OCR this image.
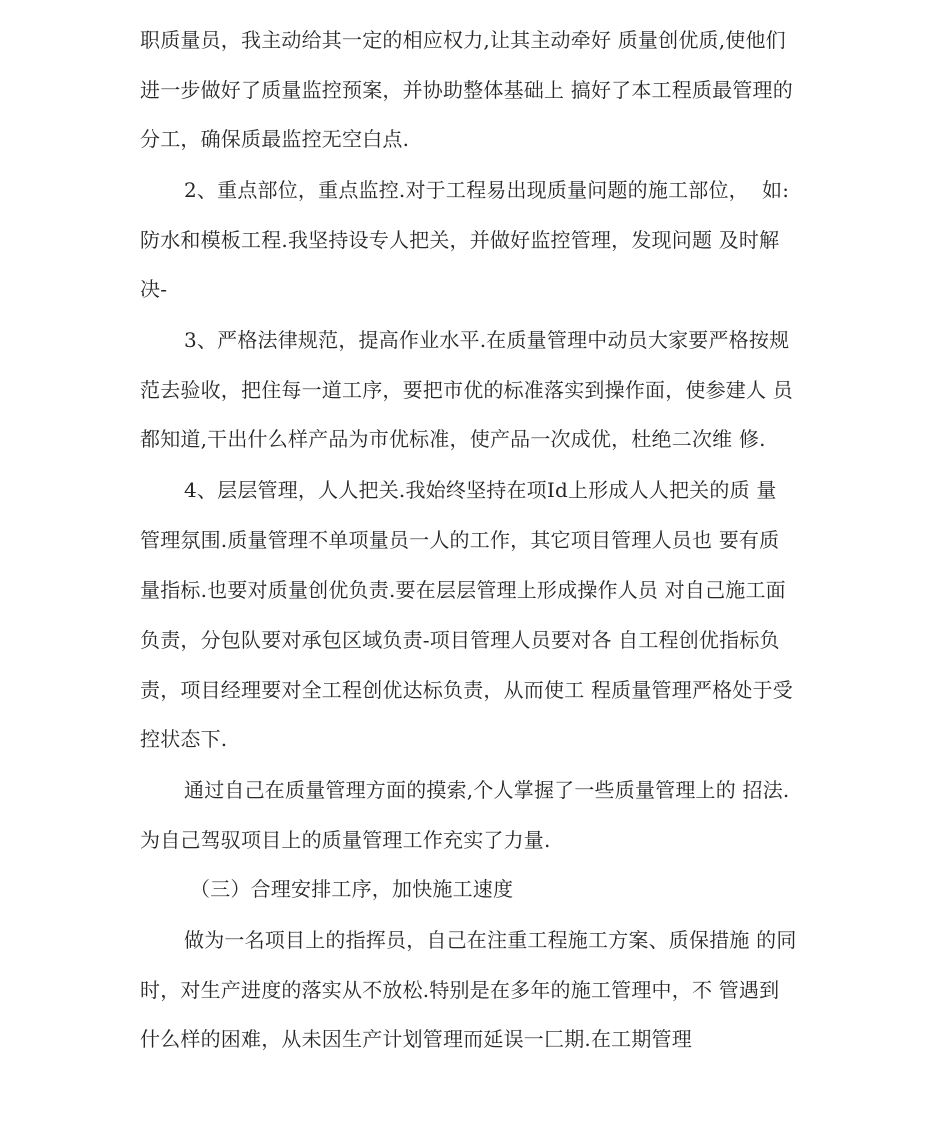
职质量员，我主动给其一定的相应权力,让其主动牵好 质量创优质,使他们
进一步做好了质量监控预案，并协助整体基础上 搞好了本工程质最管理的
分工，确保质最监控无空白点.
2、重点部位，重点监控.对于工程易出现质量问题的施工部位，  如:
防水和模板工程.我坚持设专人把关，并做好监控管理，发现问题 及时解
决-
3、严格法律规范，提高作业水平.在质量管理中动员大家要严格按规
范去验收，把住每一道工序，要把市优的标准落实到操作面，使参建人 员
都知道,干出什么样产品为市优标准，使产品一次成优，杜绝二次维 修.
4、层层管理，人人把关.我始终坚持在项Id上形成人人把关的质 量
管理氛围.质量管理不单项量员一人的工作，其它项目管理人员也 要有质
量指标.也要对质量创优负责.要在层层管理上形成操作人员 对自己施工面
负责，分包队要对承包区域负责-项目管理人员要对各 自工程创优指标负
责，项目经理要对全工程创优达标负责，从而使工 程质量管理严格处于受
控状态下.
通过自己在质量管理方面的摸索,个人掌握了一些质量管理上的 招法.
为自己驾驭项目上的质量管理工作充实了力量.
（三）合理安排工序，加快施工速度
做为一名项目上的指挥员，自己在注重工程施工方案、质保措施 的同
时，对生产进度的落实从不放松.特别是在多年的施工管理中，不 管遇到
什么样的困难，从未因生产计划管理而延误一匚期.在工期管理
